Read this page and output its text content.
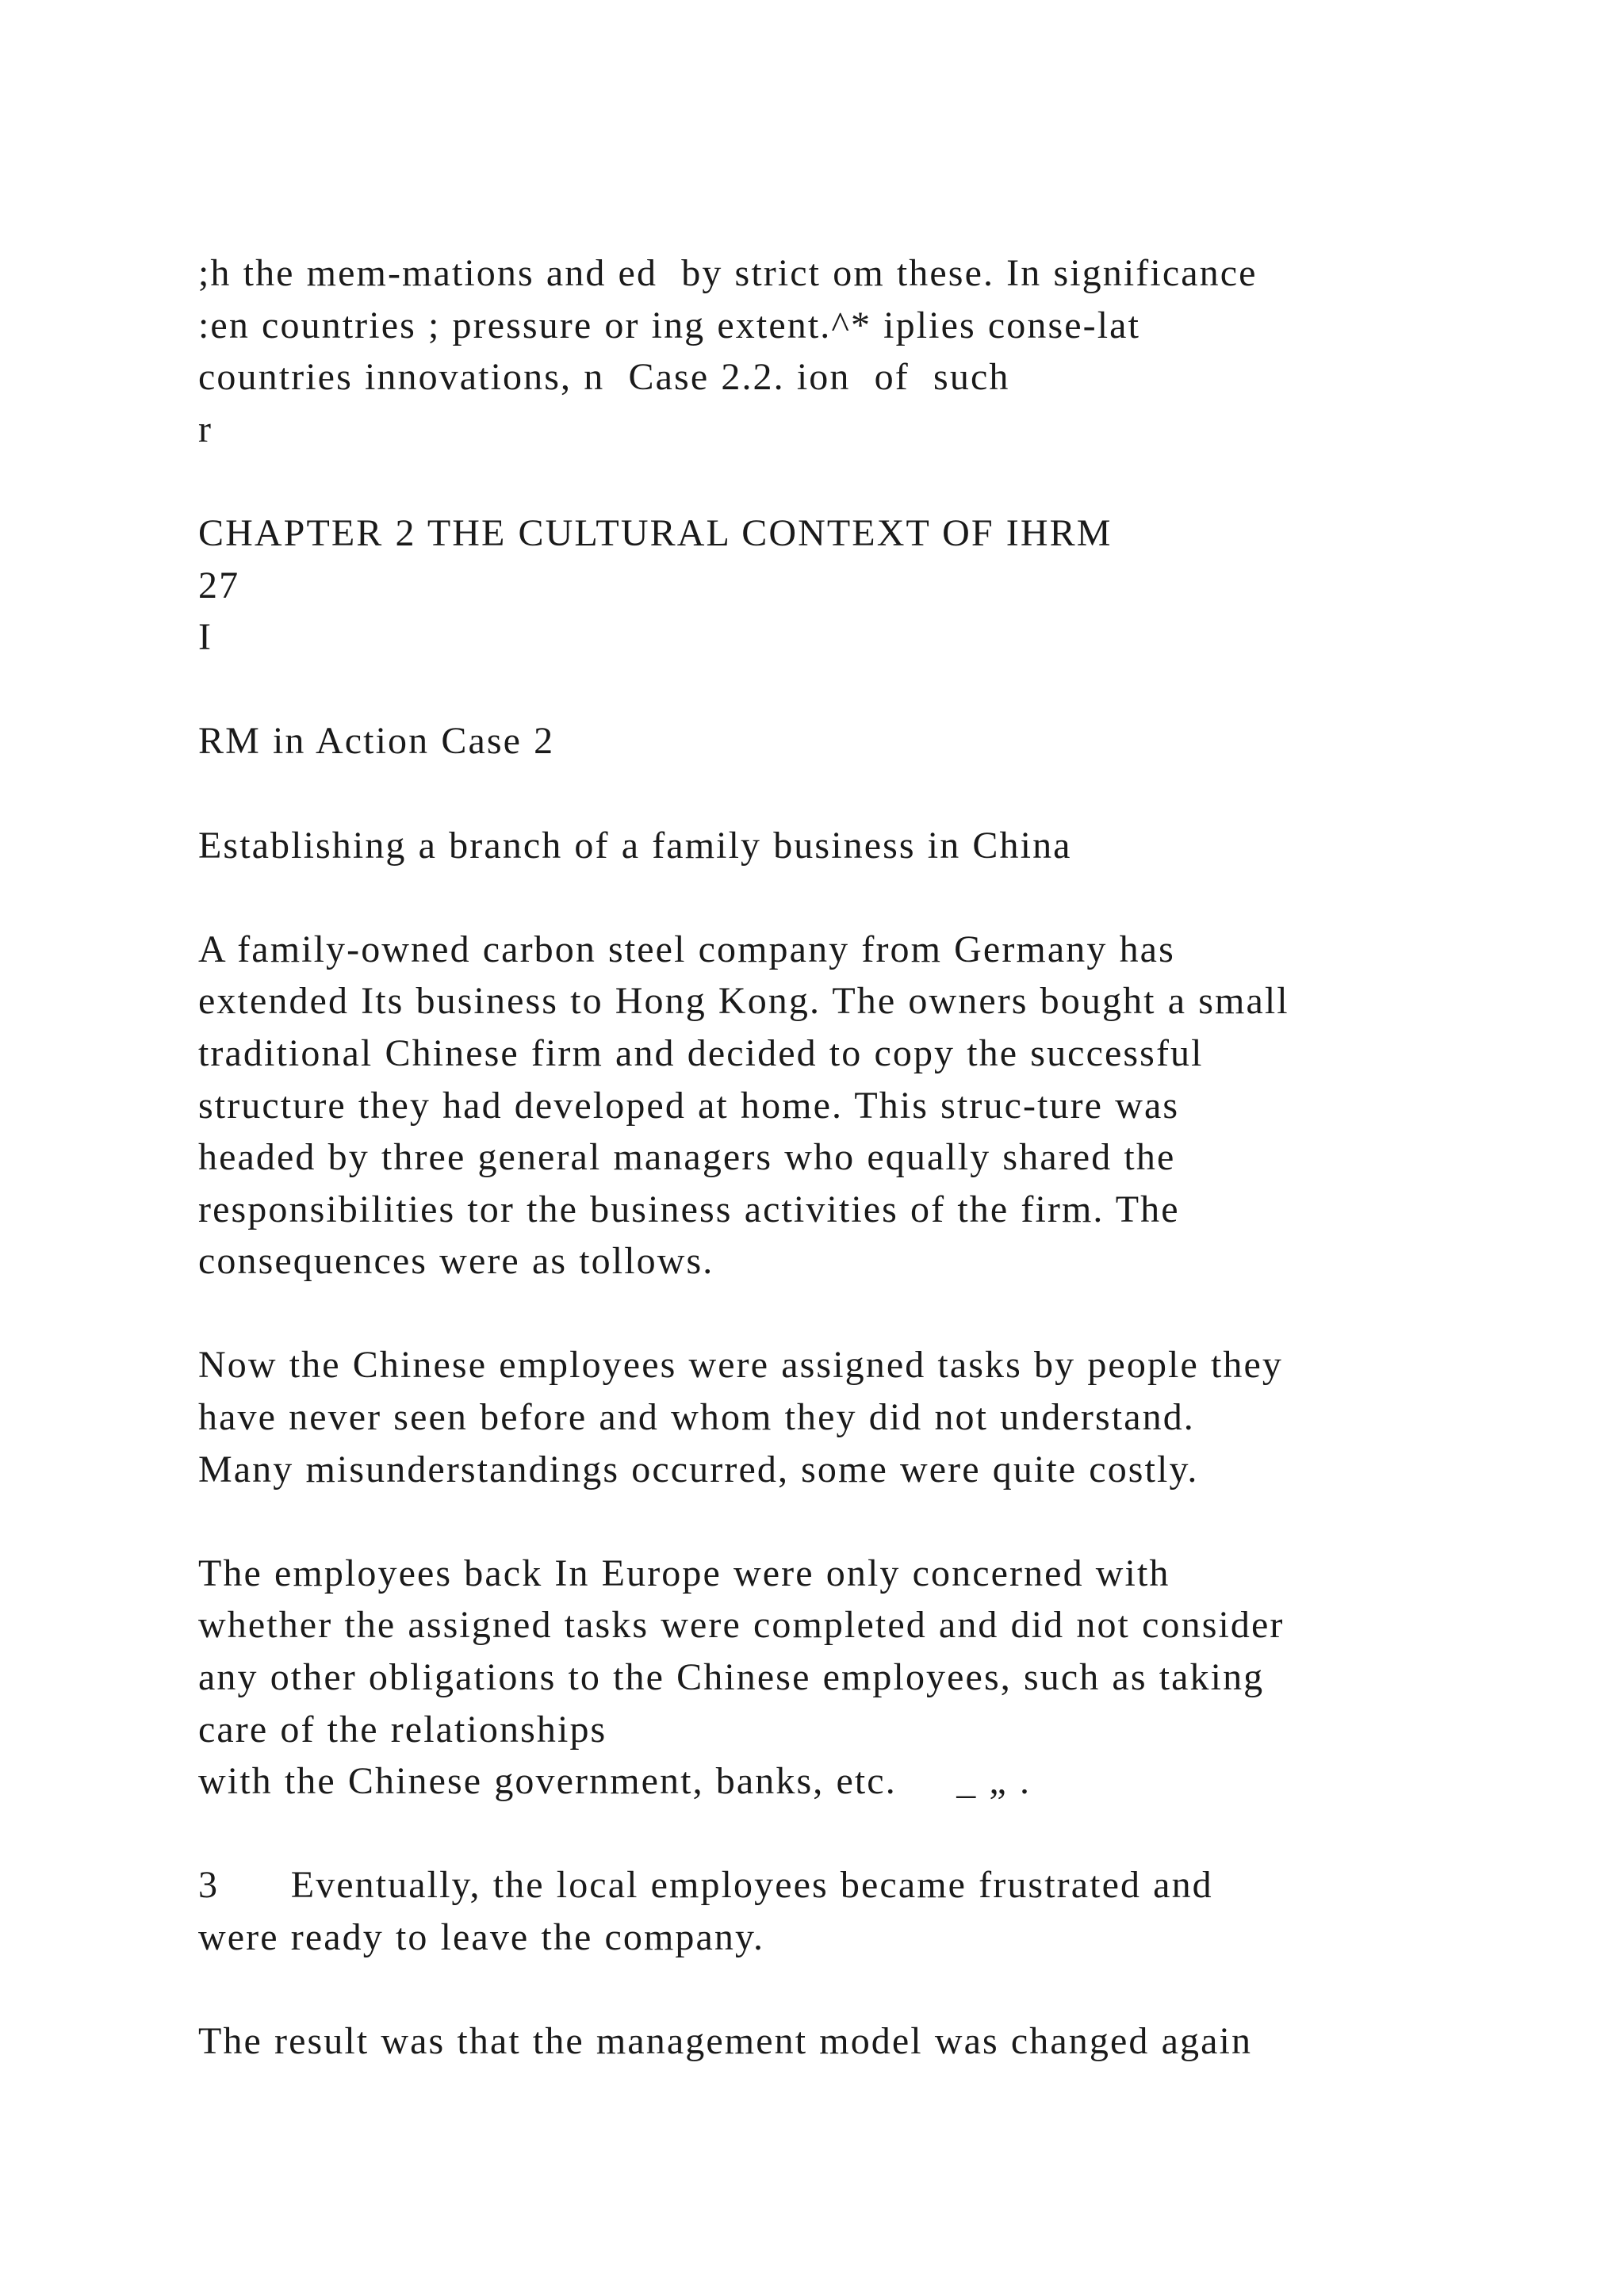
;h the mem-mations and ed  by strict om these. In significance
:en countries ; pressure or ing extent.^* iplies conse-lat
countries innovations, n  Case 2.2. ion  of  such
r
CHAPTER 2 THE CULTURAL CONTEXT OF IHRM
27
I
RM in Action Case 2
Establishing a branch of a family business in China
A family-owned carbon steel company from Germany has
extended Its business to Hong Kong. The owners bought a small
traditional Chinese firm and decided to copy the successful
structure they had developed at home. This struc-ture was
headed by three general managers who equally shared the
responsibilities tor the business activities of the firm. The
consequences were as tollows.
Now the Chinese employees were assigned tasks by people they
have never seen before and whom they did not understand.
Many misunderstandings occurred, some were quite costly.
The employees back In Europe were only concerned with
whether the assigned tasks were completed and did not consider
any other obligations to the Chinese employees, such as taking
care of the relationships
with the Chinese government, banks, etc.     _ „ .
3      Eventually, the local employees became frustrated and
were ready to leave the company.
The result was that the management model was changed again
